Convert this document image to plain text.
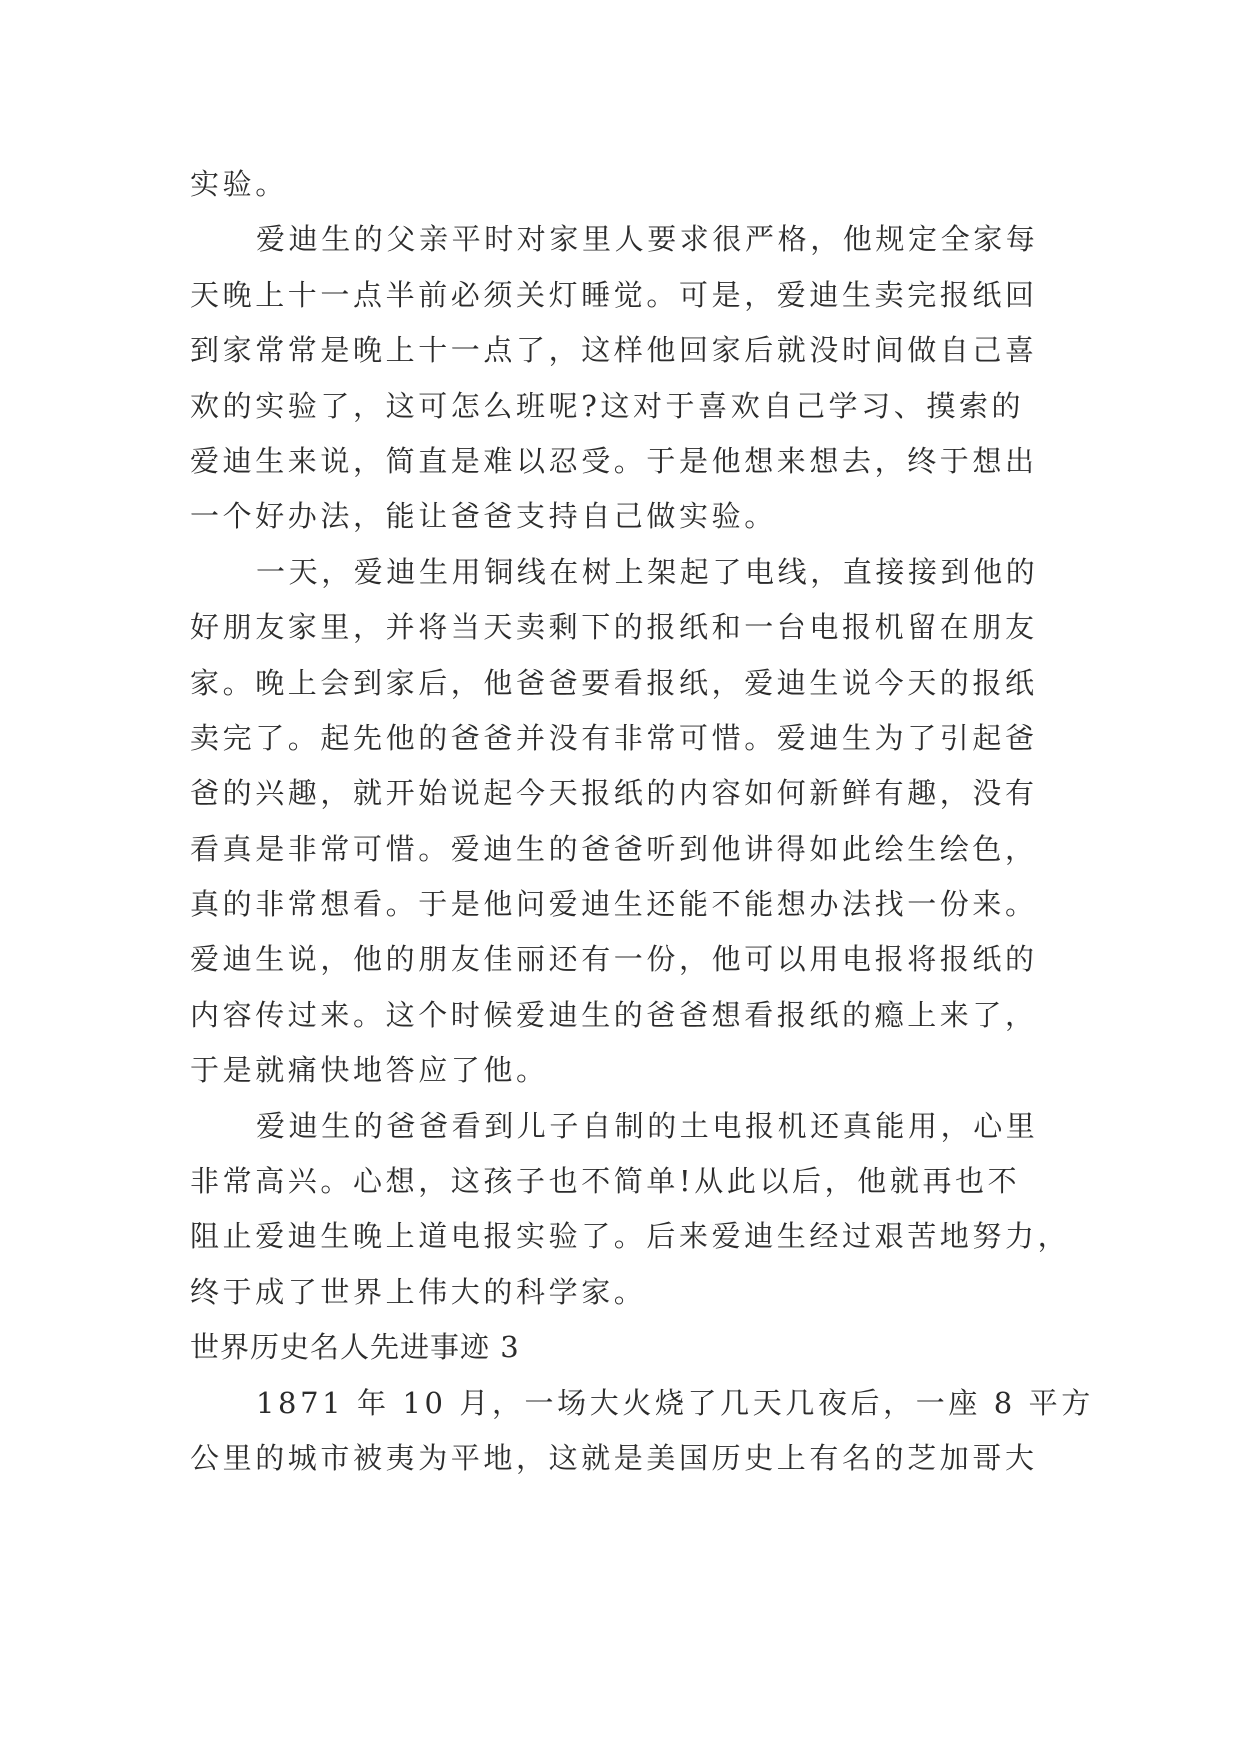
实验。
爱迪生的父亲平时对家里人要求很严格，他规定全家每
天晚上十一点半前必须关灯睡觉。可是，爱迪生卖完报纸回
到家常常是晚上十一点了，这样他回家后就没时间做自己喜
欢的实验了，这可怎么班呢?这对于喜欢自己学习、摸索的
爱迪生来说，简直是难以忍受。于是他想来想去，终于想出
一个好办法，能让爸爸支持自己做实验。
一天，爱迪生用铜线在树上架起了电线，直接接到他的
好朋友家里，并将当天卖剩下的报纸和一台电报机留在朋友
家。晚上会到家后，他爸爸要看报纸，爱迪生说今天的报纸
卖完了。起先他的爸爸并没有非常可惜。爱迪生为了引起爸
爸的兴趣，就开始说起今天报纸的内容如何新鲜有趣，没有
看真是非常可惜。爱迪生的爸爸听到他讲得如此绘生绘色，
真的非常想看。于是他问爱迪生还能不能想办法找一份来。
爱迪生说，他的朋友佳丽还有一份，他可以用电报将报纸的
内容传过来。这个时候爱迪生的爸爸想看报纸的瘾上来了，
于是就痛快地答应了他。
爱迪生的爸爸看到儿子自制的土电报机还真能用，心里
非常高兴。心想，这孩子也不简单!从此以后，他就再也不
阻止爱迪生晚上道电报实验了。后来爱迪生经过艰苦地努力，
终于成了世界上伟大的科学家。
世界历史名人先进事迹 3
1871 年 10 月，一场大火烧了几天几夜后，一座 8 平方
公里的城市被夷为平地，这就是美国历史上有名的芝加哥大
